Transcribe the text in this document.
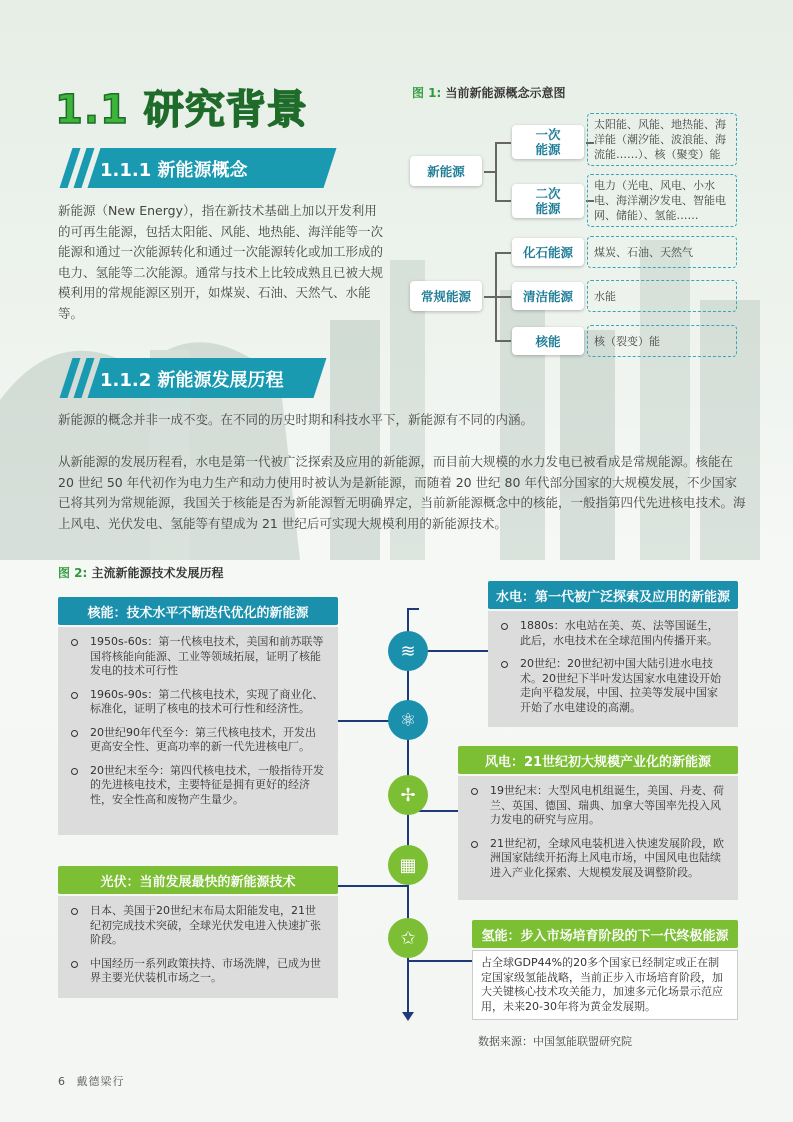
1.1 研究背景
1.1.1 新能源概念
新能源（New Energy），指在新技术基础上加以开发利用的可再生能源，包括太阳能、风能、地热能、海洋能等一次能源和通过一次能源转化和通过一次能源转化或加工形成的电力、氢能等二次能源。通常与技术上比较成熟且已被大规模利用的常规能源区别开，如煤炭、石油、天然气、水能等。
图 1: 当前新能源概念示意图
新能源
常规能源
一次能源
二次能源
化石能源
清洁能源
核能
太阳能、风能、地热能、海洋能（潮汐能、波浪能、海流能……）、核（聚变）能
电力（光电、风电、小水电、海洋潮汐发电、智能电网、储能）、氢能……
煤炭、石油、天然气
水能
核（裂变）能
1.1.2 新能源发展历程
新能源的概念并非一成不变。在不同的历史时期和科技水平下，新能源有不同的内涵。
从新能源的发展历程看，水电是第一代被广泛探索及应用的新能源，而目前大规模的水力发电已被看成是常规能源。核能在 20 世纪 50 年代初作为电力生产和动力使用时被认为是新能源，而随着 20 世纪 80 年代部分国家的大规模发展，不少国家已将其列为常规能源，我国关于核能是否为新能源暂无明确界定，当前新能源概念中的核能，一般指第四代先进核电技术。海上风电、光伏发电、氢能等有望成为 21 世纪后可实现大规模利用的新能源技术。
图 2: 主流新能源技术发展历程
≋
⚛
✢
▦
✩
核能：技术水平不断迭代优化的新能源
1950s-60s：第一代核电技术，美国和前苏联等国将核能向能源、工业等领域拓展，证明了核能发电的技术可行性
1960s-90s：第二代核电技术，实现了商业化、标准化，证明了核电的技术可行性和经济性。
20世纪90年代至今：第三代核电技术，开发出更高安全性、更高功率的新一代先进核电厂。
20世纪末至今：第四代核电技术，一般指待开发的先进核电技术，主要特征是拥有更好的经济性，安全性高和废物产生量少。
光伏：当前发展最快的新能源技术
日本、美国于20世纪末布局太阳能发电，21世纪初完成技术突破，全球光伏发电进入快速扩张阶段。
中国经历一系列政策扶持、市场洗牌，已成为世界主要光伏装机市场之一。
水电：第一代被广泛探索及应用的新能源
1880s：水电站在美、英、法等国诞生，此后，水电技术在全球范围内传播开来。
20世纪：20世纪初中国大陆引进水电技术。20世纪下半叶发达国家水电建设开始走向平稳发展，中国、拉美等发展中国家开始了水电建设的高潮。
风电：21世纪初大规模产业化的新能源
19世纪末：大型风电机组诞生，美国、丹麦、荷兰、英国、德国、瑞典、加拿大等国率先投入风力发电的研究与应用。
21世纪初，全球风电装机进入快速发展阶段，欧洲国家陆续开拓海上风电市场，中国风电也陆续进入产业化探索、大规模发展及调整阶段。
氢能：步入市场培育阶段的下一代终极能源
占全球GDP44%的20多个国家已经制定或正在制定国家级氢能战略，当前正步入市场培育阶段，加大关键核心技术攻关能力，加速多元化场景示范应用，未来20-30年将为黄金发展期。
数据来源：中国氢能联盟研究院
6 戴德梁行
